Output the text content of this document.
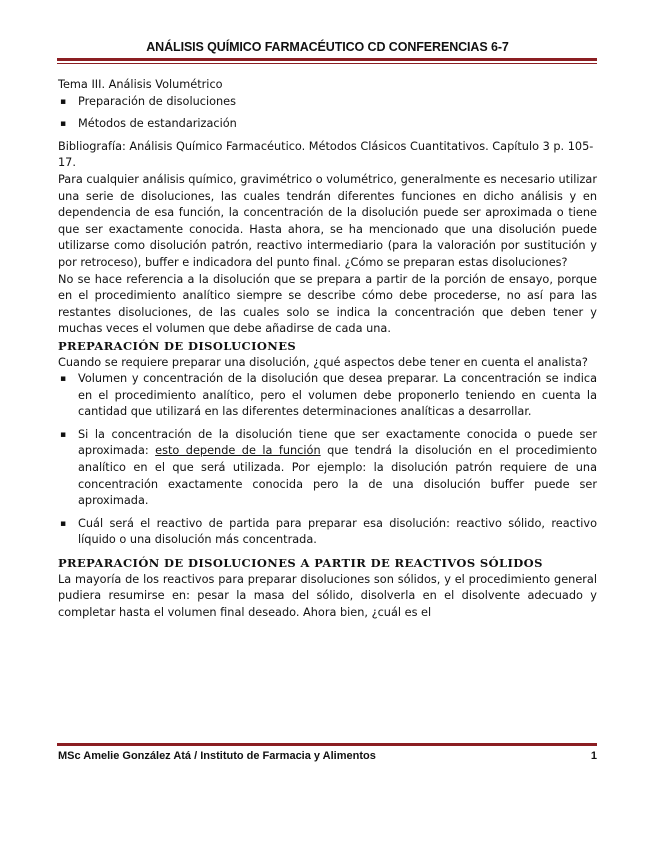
ANÁLISIS QUÍMICO FARMACÉUTICO CD CONFERENCIAS 6-7

Tema III. Análisis Volumétrico

▪ Preparación de disoluciones
▪ Métodos de estandarización

Bibliografía: Análisis Químico Farmacéutico. Métodos Clásicos Cuantitativos. Capítulo 3 p. 105-17.

Para cualquier análisis químico, gravimétrico o volumétrico, generalmente es necesario utilizar una serie de disoluciones, las cuales tendrán diferentes funciones en dicho análisis y en dependencia de esa función, la concentración de la disolución puede ser aproximada o tiene que ser exactamente conocida. Hasta ahora, se ha mencionado que una disolución puede utilizarse como disolución patrón, reactivo intermediario (para la valoración por sustitución y por retroceso), buffer e indicadora del punto final. ¿Cómo se preparan estas disoluciones?

No se hace referencia a la disolución que se prepara a partir de la porción de ensayo, porque en el procedimiento analítico siempre se describe cómo debe procederse, no así para las restantes disoluciones, de las cuales solo se indica la concentración que deben tener y muchas veces el volumen que debe añadirse de cada una.

PREPARACIÓN DE DISOLUCIONES

Cuando se requiere preparar una disolución, ¿qué aspectos debe tener en cuenta el analista?

▪ Volumen y concentración de la disolución que desea preparar. La concentración se indica en el procedimiento analítico, pero el volumen debe proponerlo teniendo en cuenta la cantidad que utilizará en las diferentes determinaciones analíticas a desarrollar.
▪ Si la concentración de la disolución tiene que ser exactamente conocida o puede ser aproximada: esto depende de la función que tendrá la disolución en el procedimiento analítico en el que será utilizada. Por ejemplo: la disolución patrón requiere de una concentración exactamente conocida pero la de una disolución buffer puede ser aproximada.
▪ Cuál será el reactivo de partida para preparar esa disolución: reactivo sólido, reactivo líquido o una disolución más concentrada.

PREPARACIÓN DE DISOLUCIONES A PARTIR DE REACTIVOS SÓLIDOS

La mayoría de los reactivos para preparar disoluciones son sólidos, y el procedimiento general pudiera resumirse en: pesar la masa del sólido, disolverla en el disolvente adecuado y completar hasta el volumen final deseado. Ahora bien, ¿cuál es el

MSc Amelie González Atá / Instituto de Farmacia y Alimentos	1
